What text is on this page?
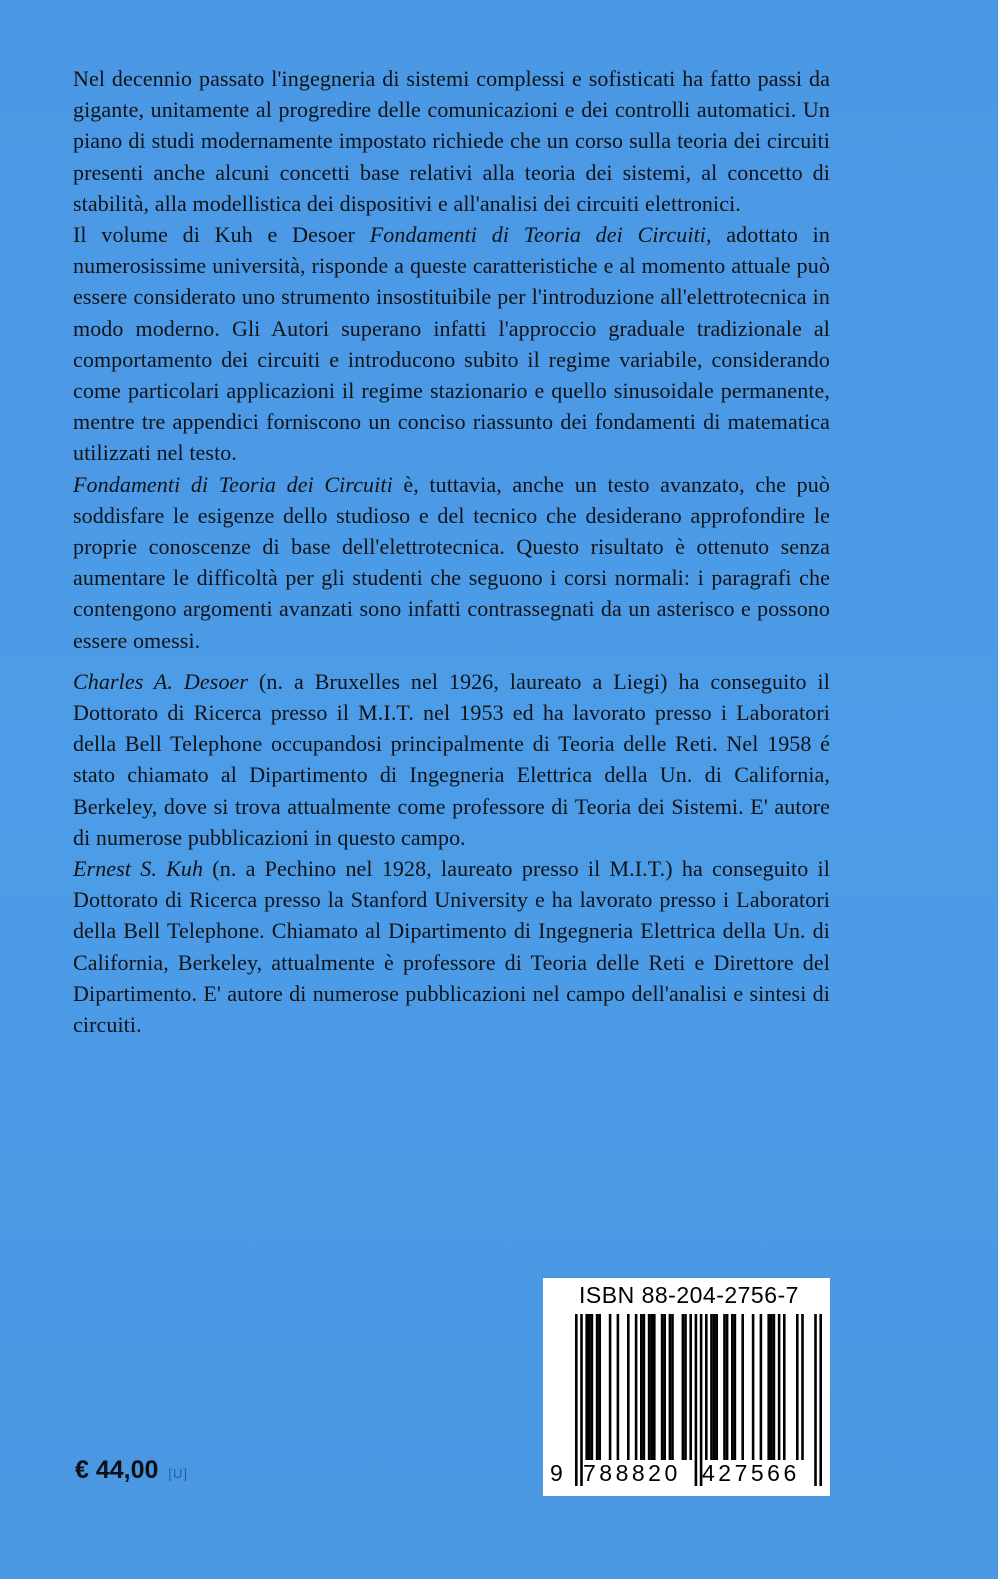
Nel decennio passato l'ingegneria di sistemi complessi e sofisticati ha fatto passi da gigante, unitamente al progredire delle comunicazioni e dei controlli automatici. Un piano di studi modernamente impostato richiede che un corso sulla teoria dei circuiti presenti anche alcuni concetti base relativi alla teoria dei sistemi, al concetto di stabilità, alla modellistica dei dispositivi e all'analisi dei circuiti elettronici.

Il volume di Kuh e Desoer Fondamenti di Teoria dei Circuiti, adottato in numerosissime università, risponde a queste caratteristiche e al momento attuale può essere considerato uno strumento insostituibile per l'introduzione all'elettrotecnica in modo moderno. Gli Autori superano infatti l'approccio graduale tradizionale al comportamento dei circuiti e introducono subito il regime variabile, considerando come particolari applicazioni il regime stazionario e quello sinusoidale permanente, mentre tre appendici forniscono un conciso riassunto dei fondamenti di matematica utilizzati nel testo.

Fondamenti di Teoria dei Circuiti è, tuttavia, anche un testo avanzato, che può soddisfare le esigenze dello studioso e del tecnico che desiderano approfondire le proprie conoscenze di base dell'elettrotecnica. Questo risultato è ottenuto senza aumentare le difficoltà per gli studenti che seguono i corsi normali: i paragrafi che contengono argomenti avanzati sono infatti contrassegnati da un asterisco e possono essere omessi.

Charles A. Desoer (n. a Bruxelles nel 1926, laureato a Liegi) ha conseguito il Dottorato di Ricerca presso il M.I.T. nel 1953 ed ha lavorato presso i Laboratori della Bell Telephone occupandosi principalmente di Teoria delle Reti. Nel 1958 é stato chiamato al Dipartimento di Ingegneria Elettrica della Un. di California, Berkeley, dove si trova attualmente come professore di Teoria dei Sistemi. E' autore di numerose pubblicazioni in questo campo.

Ernest S. Kuh (n. a Pechino nel 1928, laureato presso il M.I.T.) ha conseguito il Dottorato di Ricerca presso la Stanford University e ha lavorato presso i Laboratori della Bell Telephone. Chiamato al Dipartimento di Ingegneria Elettrica della Un. di California, Berkeley, attualmente è professore di Teoria delle Reti e Direttore del Dipartimento. E' autore di numerose pubblicazioni nel campo dell'analisi e sintesi di circuiti.

€ 44,00 [U]
ISBN 88-204-2756-7
9 788820 427566
